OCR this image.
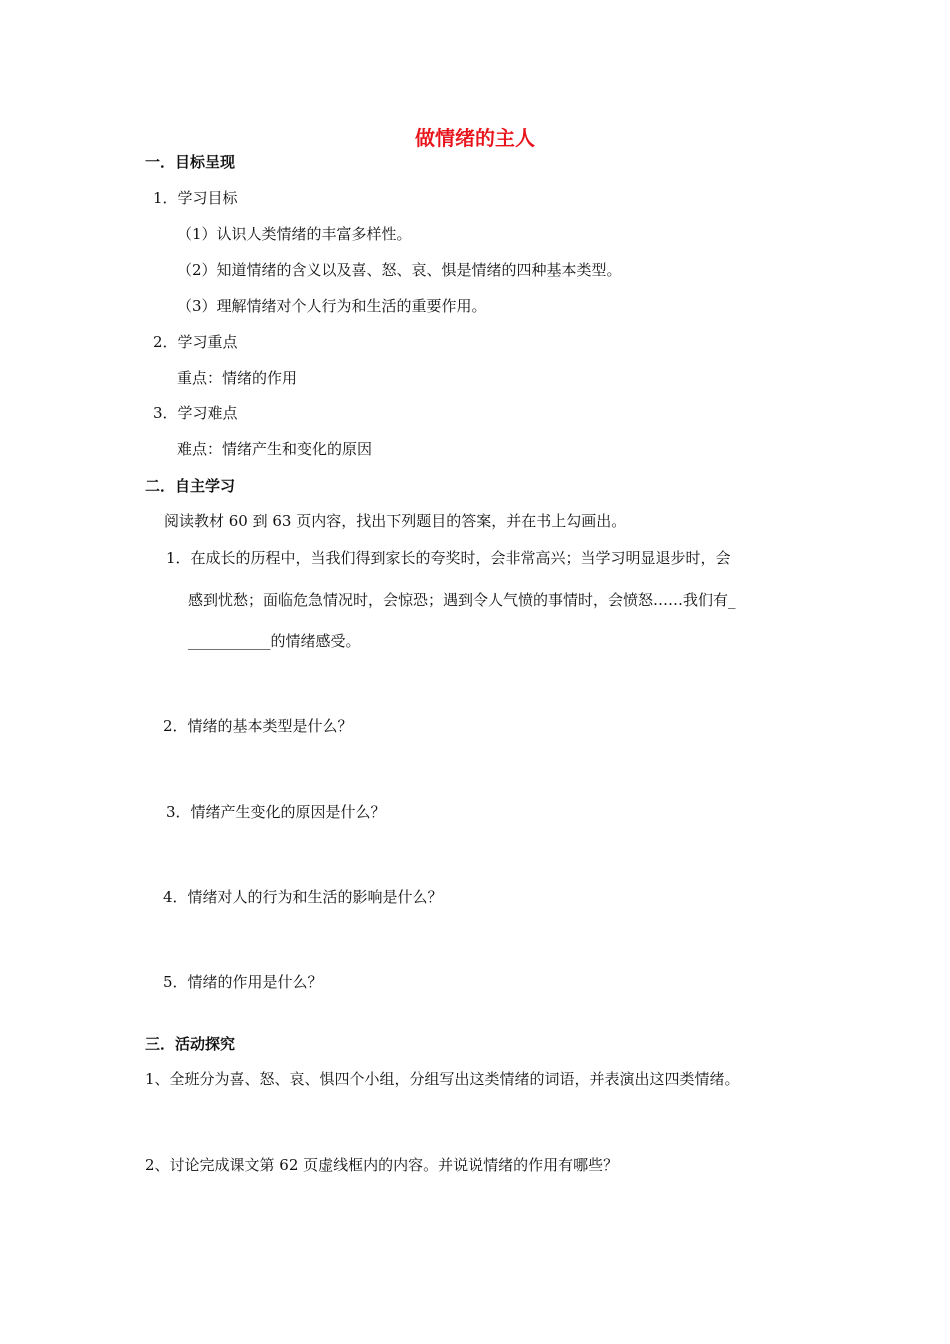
做情绪的主人
一．目标呈现
1．学习目标
（1）认识人类情绪的丰富多样性。
（2）知道情绪的含义以及喜、怒、哀、惧是情绪的四种基本类型。
（3）理解情绪对个人行为和生活的重要作用。
2．学习重点
重点：情绪的作用
3．学习难点
难点：情绪产生和变化的原因
二．自主学习
阅读教材 60 到 63 页内容，找出下列题目的答案，并在书上勾画出。
1．在成长的历程中，当我们得到家长的夸奖时，会非常高兴；当学习明显退步时，会
感到忧愁；面临危急情况时，会惊恐；遇到令人气愤的事情时，会愤怒……我们有_
___________的情绪感受。
2．情绪的基本类型是什么？
3．情绪产生变化的原因是什么？
4．情绪对人的行为和生活的影响是什么？
5．情绪的作用是什么？
三．活动探究
1、全班分为喜、怒、哀、惧四个小组，分组写出这类情绪的词语，并表演出这四类情绪。
2、讨论完成课文第 62 页虚线框内的内容。并说说情绪的作用有哪些？
